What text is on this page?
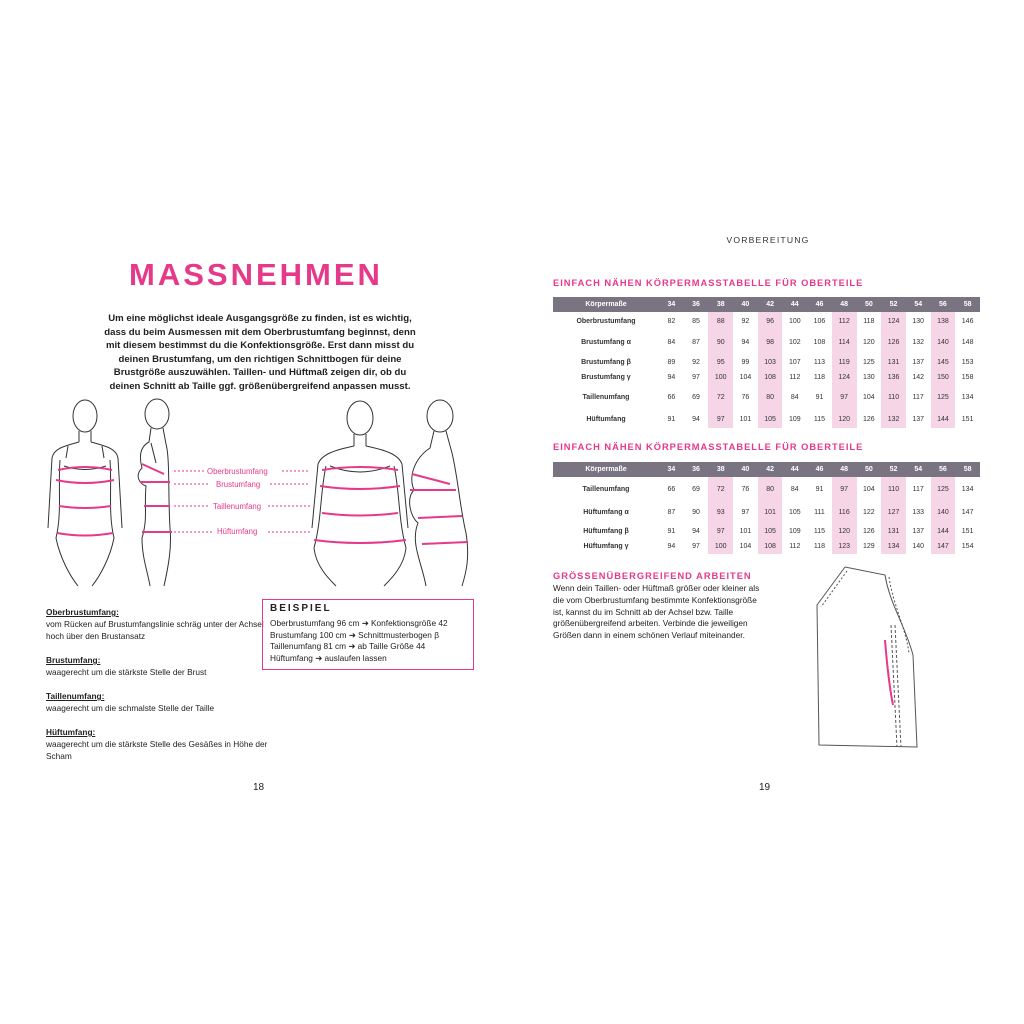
MASSNEHMEN
Um eine möglichst ideale Ausgangsgröße zu finden, ist es wichtig, dass du beim Ausmessen mit dem Oberbrustumfang beginnst, denn mit diesem bestimmst du die Konfektionsgröße. Erst dann misst du deinen Brustumfang, um den richtigen Schnittbogen für deine Brustgröße auszuwählen. Taillen- und Hüftmaß zeigen dir, ob du deinen Schnitt ab Taille ggf. größenübergreifend anpassen musst.
Oberbrustumfang
Brustumfang
Taillenumfang
Hüftumfang
Oberbrustumfang:
vom Rücken auf Brustumfangslinie schräg unter der Achsel hoch über den Brustansatz
Brustumfang:
waagerecht um die stärkste Stelle der Brust
Taillenumfang:
waagerecht um die schmalste Stelle der Taille
Hüftumfang:
waagerecht um die stärkste Stelle des Gesäßes in Höhe der Scham
BEISPIEL
Oberbrustumfang 96 cm ➜ Konfektionsgröße 42
Brustumfang 100 cm ➜ Schnittmusterbogen β
Taillenumfang 81 cm ➜ ab Taille Größe 44
Hüftumfang ➜ auslaufen lassen
18
VORBEREITUNG
EINFACH NÄHEN KÖRPERMASSTABELLE FÜR OBERTEILE
Körpermaße	34	36	38	40	42	44	46	48	50	52	54	56	58
Oberbrustumfang	82	85	88	92	96	100	106	112	118	124	130	138	146
Brustumfang α	84	87	90	94	98	102	108	114	120	126	132	140	148
Brustumfang β	89	92	95	99	103	107	113	119	125	131	137	145	153
Brustumfang γ	94	97	100	104	108	112	118	124	130	136	142	150	158
Taillenumfang	66	69	72	76	80	84	91	97	104	110	117	125	134
Hüftumfang	91	94	97	101	105	109	115	120	126	132	137	144	151
EINFACH NÄHEN KÖRPERMASSTABELLE FÜR OBERTEILE
Körpermaße	34	36	38	40	42	44	46	48	50	52	54	56	58
Taillenumfang	66	69	72	76	80	84	91	97	104	110	117	125	134
Hüftumfang α	87	90	93	97	101	105	111	116	122	127	133	140	147
Hüftumfang β	91	94	97	101	105	109	115	120	126	131	137	144	151
Hüftumfang γ	94	97	100	104	108	112	118	123	129	134	140	147	154
GRÖSSENÜBERGREIFEND ARBEITEN
Wenn dein Taillen- oder Hüftmaß größer oder kleiner als die vom Oberbrustumfang bestimmte Konfektionsgröße ist, kannst du im Schnitt ab der Achsel bzw. Taille größenübergreifend arbeiten. Verbinde die jeweiligen Größen dann in einem schönen Verlauf miteinander.
19
